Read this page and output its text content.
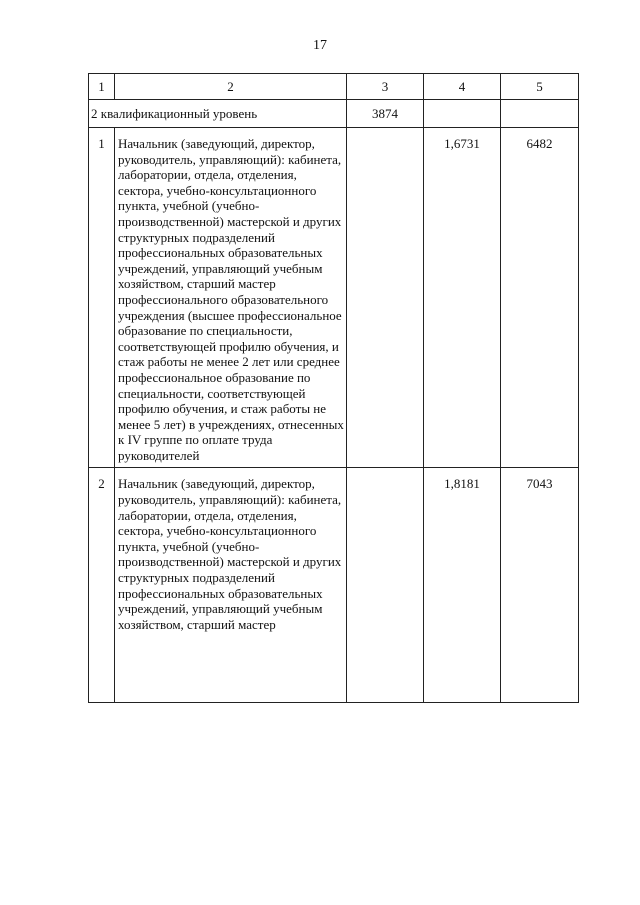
17
1	2	3	4	5
2 квалификационный уровень		3874		
1	Начальник (заведующий, директор, руководитель, управляющий): кабинета, лаборатории, отдела, отделения, сектора, учебно-консультационного пункта, учебной (учебно-производственной) мастерской и других структурных подразделений профессиональных образовательных учреждений, управляющий учебным хозяйством, старший мастер профессионального образовательного учреждения (высшее профессиональное образование по специальности, соответствующей профилю обучения, и стаж работы не менее 2 лет или среднее профессиональное образование по специальности, соответствующей профилю обучения, и стаж работы не менее 5 лет) в учреждениях, отнесенных к IV группе по оплате труда руководителей		1,6731	6482
2	Начальник (заведующий, директор, руководитель, управляющий): кабинета, лаборатории, отдела, отделения, сектора, учебно-консультационного пункта, учебной (учебно-производственной) мастерской и других структурных подразделений профессиональных образовательных учреждений, управляющий учебным хозяйством, старший мастер		1,8181	7043
